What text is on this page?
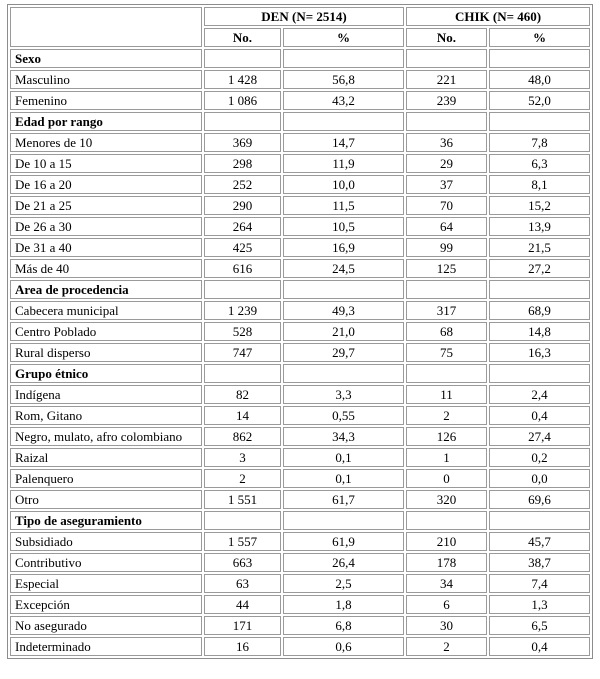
	DEN (N= 2514)		CHIK (N= 460)	
	No.	%	No.	%
Sexo				
Masculino	1 428	56,8	221	48,0
Femenino	1 086	43,2	239	52,0
Edad por rango				
Menores de 10	369	14,7	36	7,8
De 10 a 15	298	11,9	29	6,3
De 16 a 20	252	10,0	37	8,1
De 21 a 25	290	11,5	70	15,2
De 26 a 30	264	10,5	64	13,9
De 31 a 40	425	16,9	99	21,5
Más de 40	616	24,5	125	27,2
Area de procedencia				
Cabecera municipal	1 239	49,3	317	68,9
Centro Poblado	528	21,0	68	14,8
Rural disperso	747	29,7	75	16,3
Grupo étnico				
Indígena	82	3,3	11	2,4
Rom, Gitano	14	0,55	2	0,4
Negro, mulato, afro colombiano	862	34,3	126	27,4
Raizal	3	0,1	1	0,2
Palenquero	2	0,1	0	0,0
Otro	1 551	61,7	320	69,6
Tipo de aseguramiento				
Subsidiado	1 557	61,9	210	45,7
Contributivo	663	26,4	178	38,7
Especial	63	2,5	34	7,4
Excepción	44	1,8	6	1,3
No asegurado	171	6,8	30	6,5
Indeterminado	16	0,6	2	0,4
